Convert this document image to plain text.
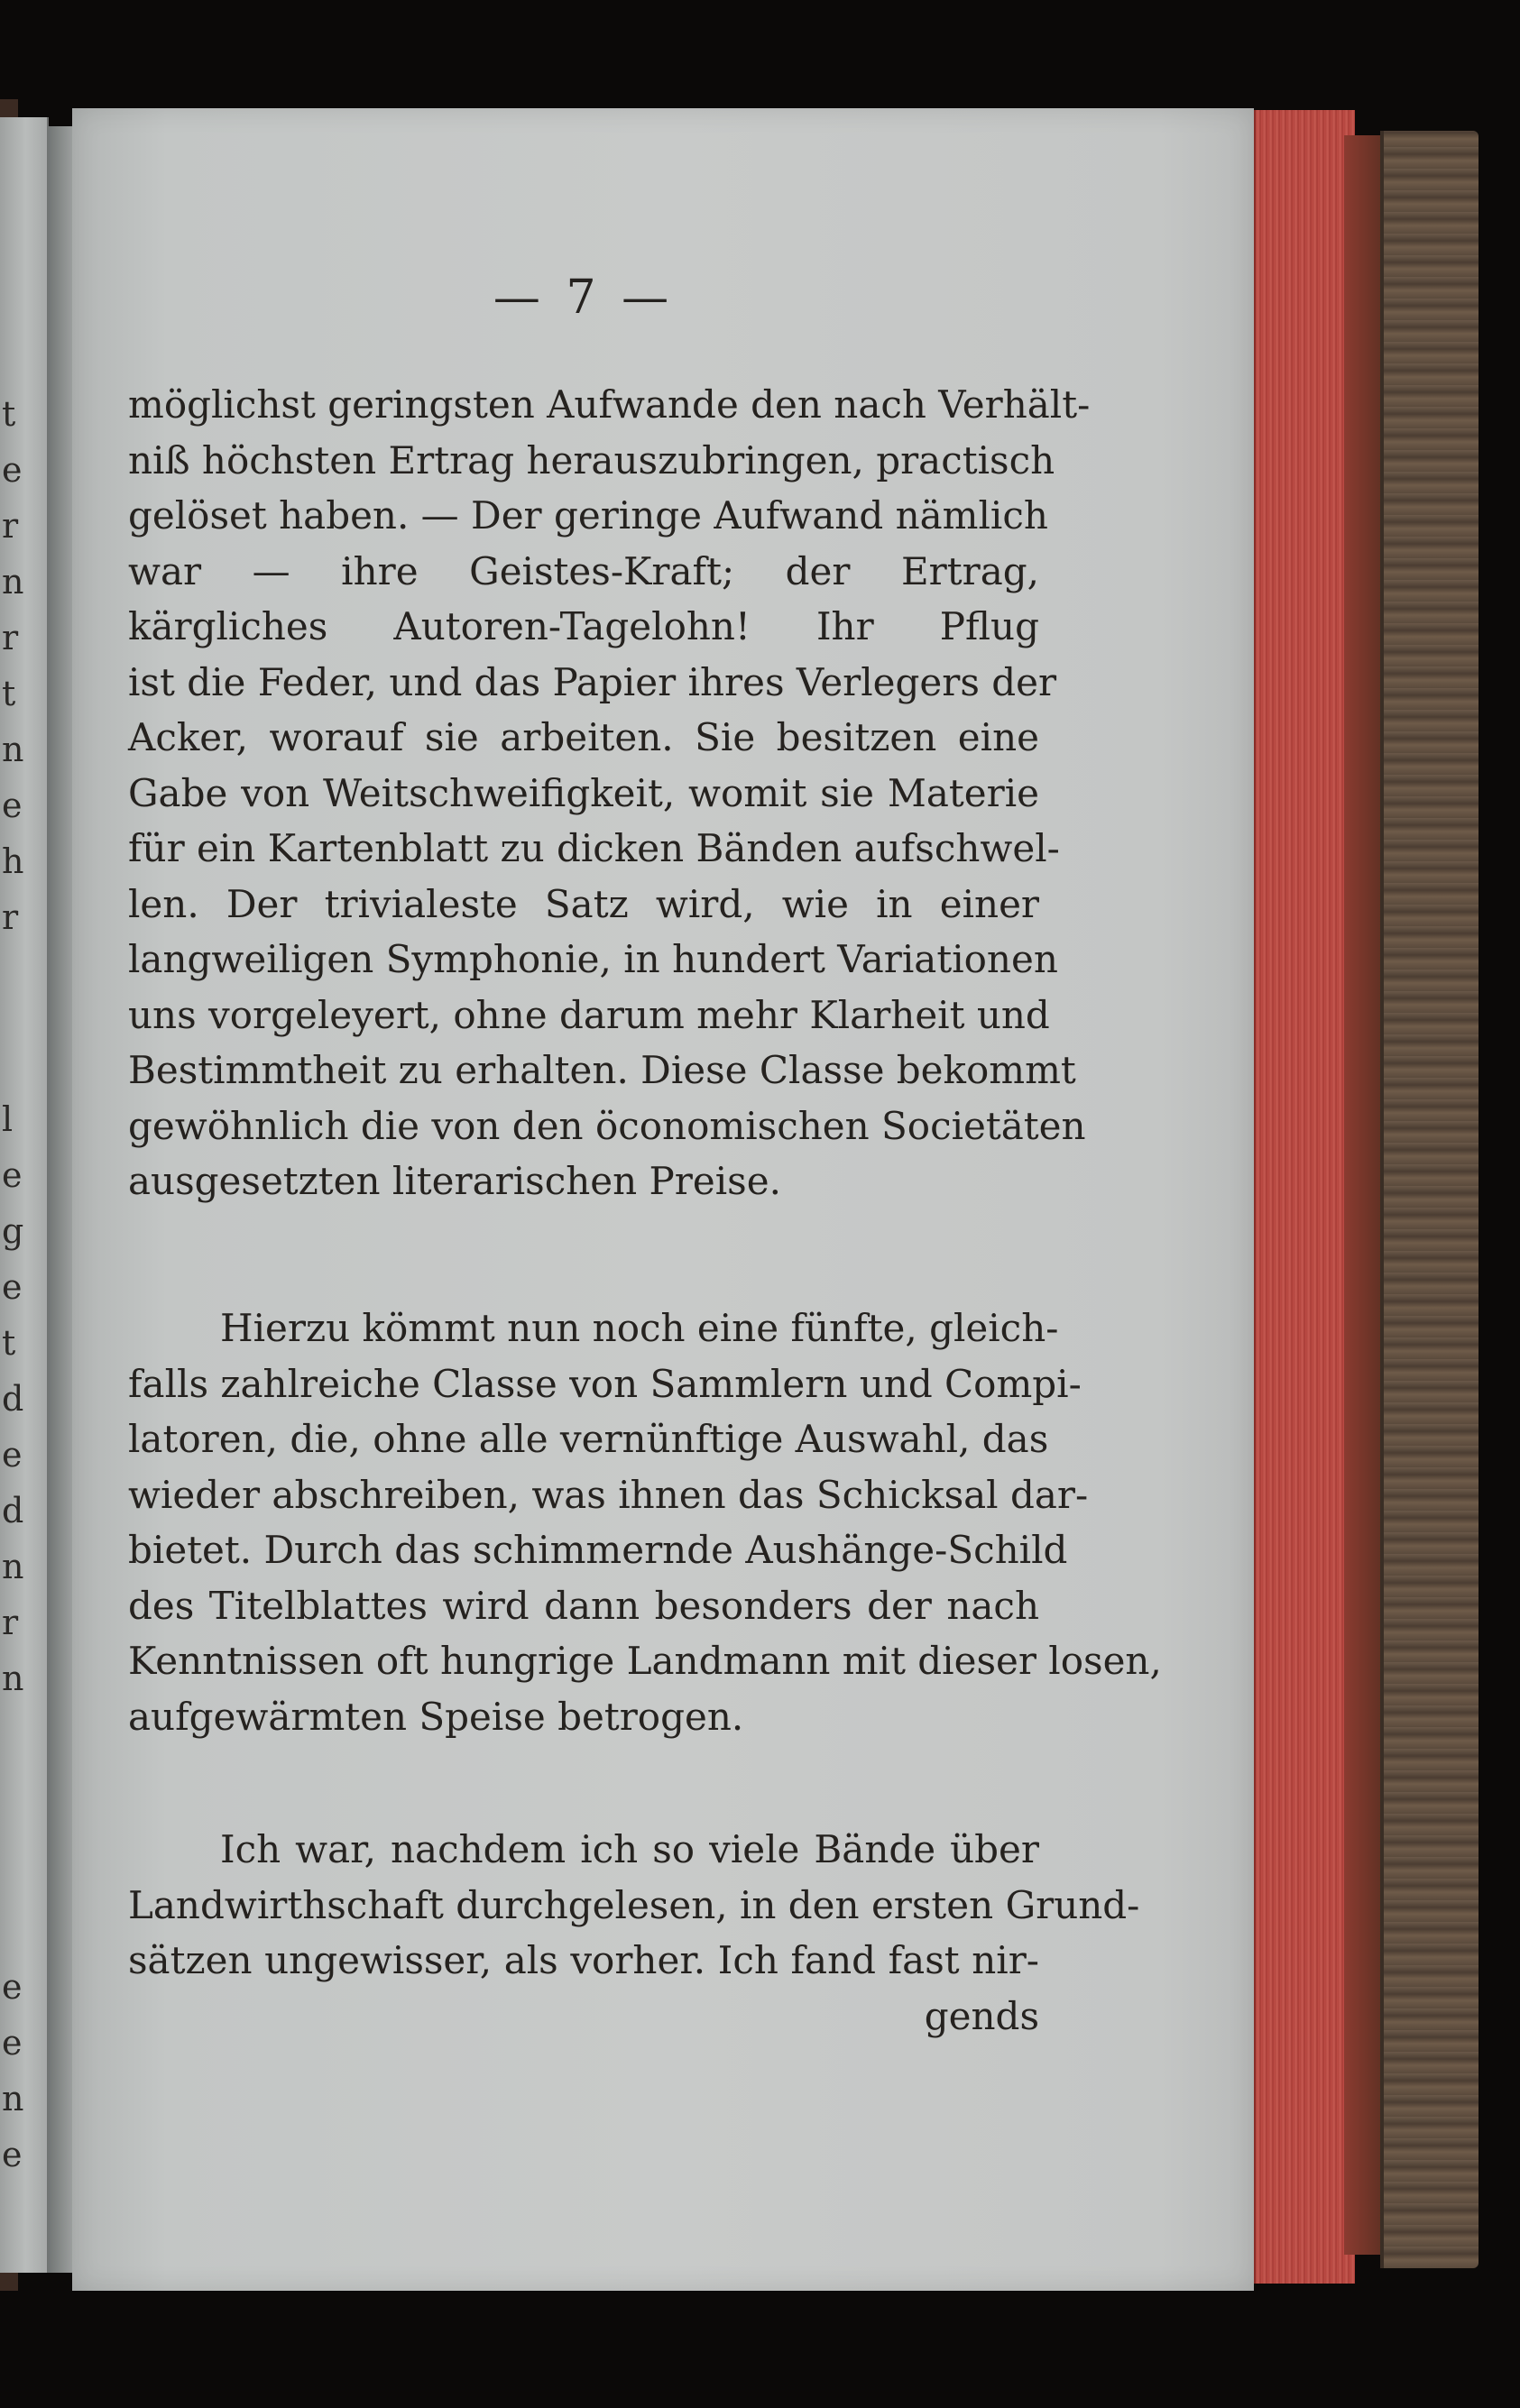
t
e
r
n
r
t
n
e
h
r
l
e
g
e
t
d
e
d
n
r
n
e
e
n
e
— 7 —
möglichst geringsten Aufwande den nach Verhält-
niß höchsten Ertrag herauszubringen, practisch
gelöset haben. — Der geringe Aufwand nämlich
war — ihre Geistes-Kraft; der Ertrag,
kärgliches Autoren-Tagelohn! Ihr Pflug
ist die Feder, und das Papier ihres Verlegers der
Acker, worauf sie arbeiten. Sie besitzen eine
Gabe von Weitschweifigkeit, womit sie Materie
für ein Kartenblatt zu dicken Bänden aufschwel-
len. Der trivialeste Satz wird, wie in einer
langweiligen Symphonie, in hundert Variationen
uns vorgeleyert, ohne darum mehr Klarheit und
Bestimmtheit zu erhalten. Diese Classe bekommt
gewöhnlich die von den öconomischen Societäten
ausgesetzten literarischen Preise.
Hierzu kömmt nun noch eine fünfte, gleich-
falls zahlreiche Classe von Sammlern und Compi-
latoren, die, ohne alle vernünftige Auswahl, das
wieder abschreiben, was ihnen das Schicksal dar-
bietet. Durch das schimmernde Aushänge-Schild
des Titelblattes wird dann besonders der nach
Kenntnissen oft hungrige Landmann mit dieser losen,
aufgewärmten Speise betrogen.
Ich war, nachdem ich so viele Bände über
Landwirthschaft durchgelesen, in den ersten Grund-
sätzen ungewisser, als vorher. Ich fand fast nir-
gends
